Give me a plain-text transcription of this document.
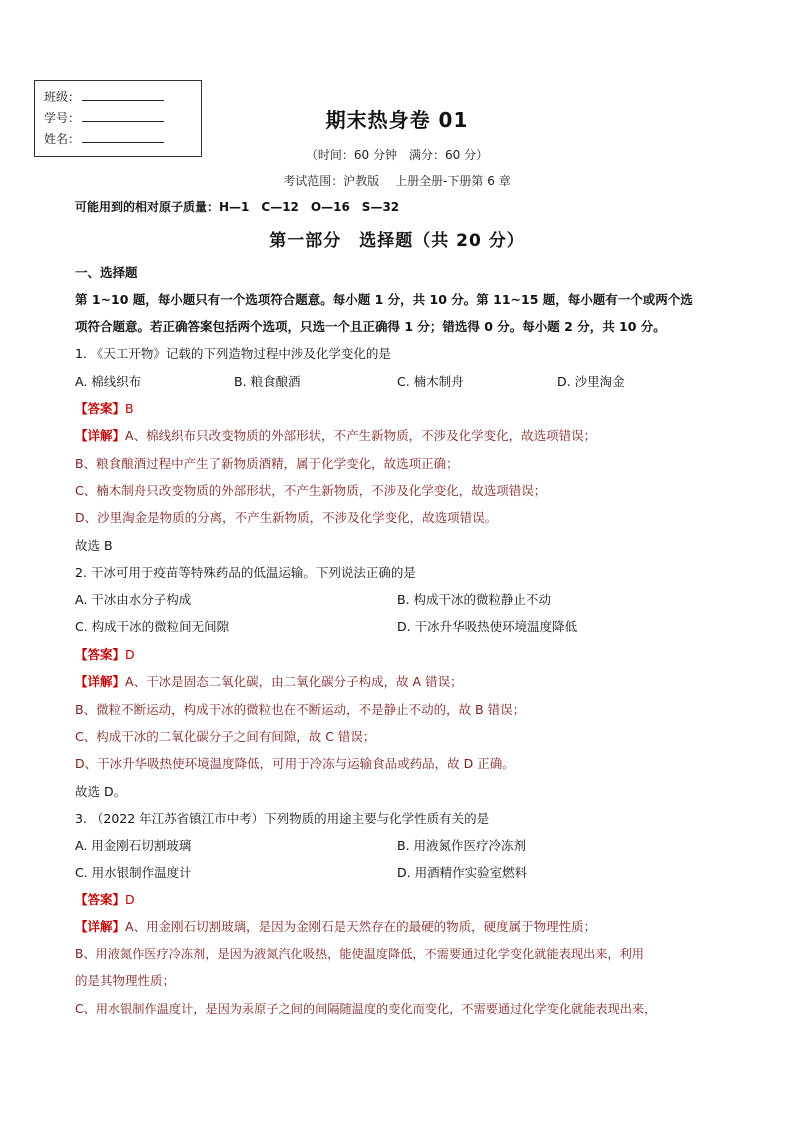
班级：
学号：
姓名：
期末热身卷 01
（时间：60 分钟　满分：60 分）
考试范围：沪教版　 上册全册-下册第 6 章
可能用到的相对原子质量：H—1　C—12　O—16　S—32
第一部分　选择题（共 20 分）
一、选择题
第 1~10 题，每小题只有一个选项符合题意。每小题 1 分，共 10 分。第 11~15 题，每小题有一个或两个选
项符合题意。若正确答案包括两个选项，只选一个且正确得 1 分；错选得 0 分。每小题 2 分，共 10 分。
1. 《天工开物》记载的下列造物过程中涉及化学变化的是
A. 棉线织布	B. 粮食酿酒	C. 楠木制舟	D. 沙里淘金
【答案】B
【详解】A、棉线织布只改变物质的外部形状，不产生新物质，不涉及化学变化，故选项错误；
B、粮食酿酒过程中产生了新物质酒精，属于化学变化，故选项正确；
C、楠木制舟只改变物质的外部形状，不产生新物质，不涉及化学变化，故选项错误；
D、沙里淘金是物质的分离，不产生新物质，不涉及化学变化，故选项错误。
故选 B
2. 干冰可用于疫苗等特殊药品的低温运输。下列说法正确的是
A. 干冰由水分子构成	B. 构成干冰的微粒静止不动
C. 构成干冰的微粒间无间隙	D. 干冰升华吸热使环境温度降低
【答案】D
【详解】A、干冰是固态二氧化碳，由二氧化碳分子构成，故 A 错误；
B、微粒不断运动，构成干冰的微粒也在不断运动，不是静止不动的，故 B 错误；
C、构成干冰的二氧化碳分子之间有间隙，故 C 错误；
D、干冰升华吸热使环境温度降低，可用于冷冻与运输食品或药品，故 D 正确。
故选 D。
3. （2022 年江苏省镇江市中考）下列物质的用途主要与化学性质有关的是
A. 用金刚石切割玻璃	B. 用液氮作医疗冷冻剂
C. 用水银制作温度计	D. 用酒精作实验室燃料
【答案】D
【详解】A、用金刚石切割玻璃，是因为金刚石是天然存在的最硬的物质，硬度属于物理性质；
B、用液氮作医疗冷冻剂，是因为液氮汽化吸热，能使温度降低，不需要通过化学变化就能表现出来，利用
的是其物理性质；
C、用水银制作温度计，是因为汞原子之间的间隔随温度的变化而变化，不需要通过化学变化就能表现出来，
